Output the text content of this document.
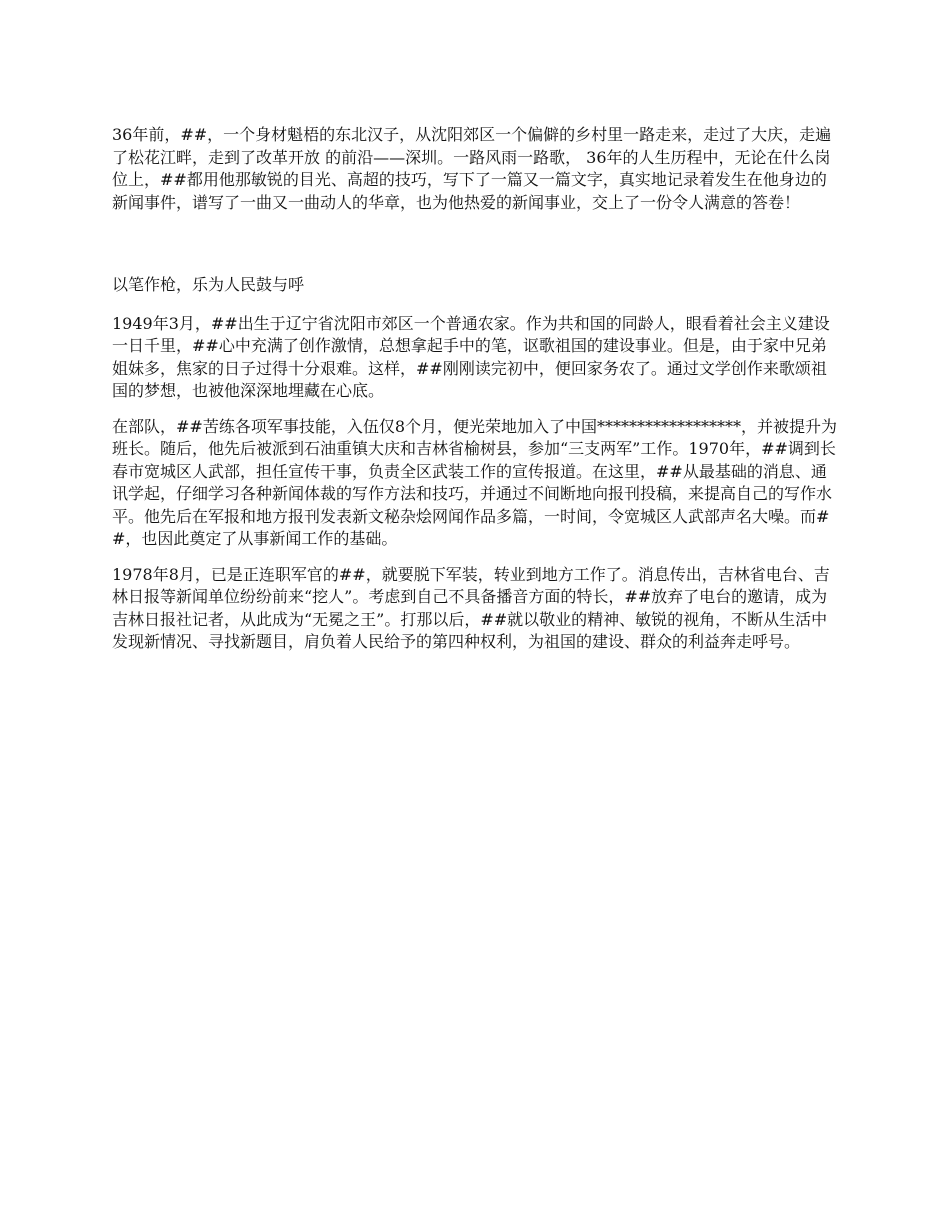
36年前，##，一个身材魁梧的东北汉子，从沈阳郊区一个偏僻的乡村里一路走来，走过了大庆，走遍了松花江畔，走到了改革开放 的前沿——深圳。一路风雨一路歌， 36年的人生历程中，无论在什么岗位上，##都用他那敏锐的目光、高超的技巧，写下了一篇又一篇文字，真实地记录着发生在他身边的新闻事件，谱写了一曲又一曲动人的华章，也为他热爱的新闻事业，交上了一份令人满意的答卷！

以笔作枪，乐为人民鼓与呼

1949年3月，##出生于辽宁省沈阳市郊区一个普通农家。作为共和国的同龄人，眼看着社会主义建设一日千里，##心中充满了创作激情，总想拿起手中的笔，讴歌祖国的建设事业。但是，由于家中兄弟姐妹多，焦家的日子过得十分艰难。这样，##刚刚读完初中，便回家务农了。通过文学创作来歌颂祖国的梦想，也被他深深地埋藏在心底。

在部队，##苦练各项军事技能，入伍仅8个月，便光荣地加入了中国******************，并被提升为班长。随后，他先后被派到石油重镇大庆和吉林省榆树县，参加“三支两军”工作。1970年，##调到长春市宽城区人武部，担任宣传干事，负责全区武装工作的宣传报道。在这里，##从最基础的消息、通讯学起，仔细学习各种新闻体裁的写作方法和技巧，并通过不间断地向报刊投稿，来提高自己的写作水平。他先后在军报和地方报刊发表新文秘杂烩网闻作品多篇，一时间，令宽城区人武部声名大噪。而##，也因此奠定了从事新闻工作的基础。

1978年8月，已是正连职军官的##，就要脱下军装，转业到地方工作了。消息传出，吉林省电台、吉林日报等新闻单位纷纷前来“挖人”。考虑到自己不具备播音方面的特长，##放弃了电台的邀请，成为吉林日报社记者，从此成为“无冕之王”。打那以后，##就以敬业的精神、敏锐的视角，不断从生活中发现新情况、寻找新题目，肩负着人民给予的第四种权利，为祖国的建设、群众的利益奔走呼号。
